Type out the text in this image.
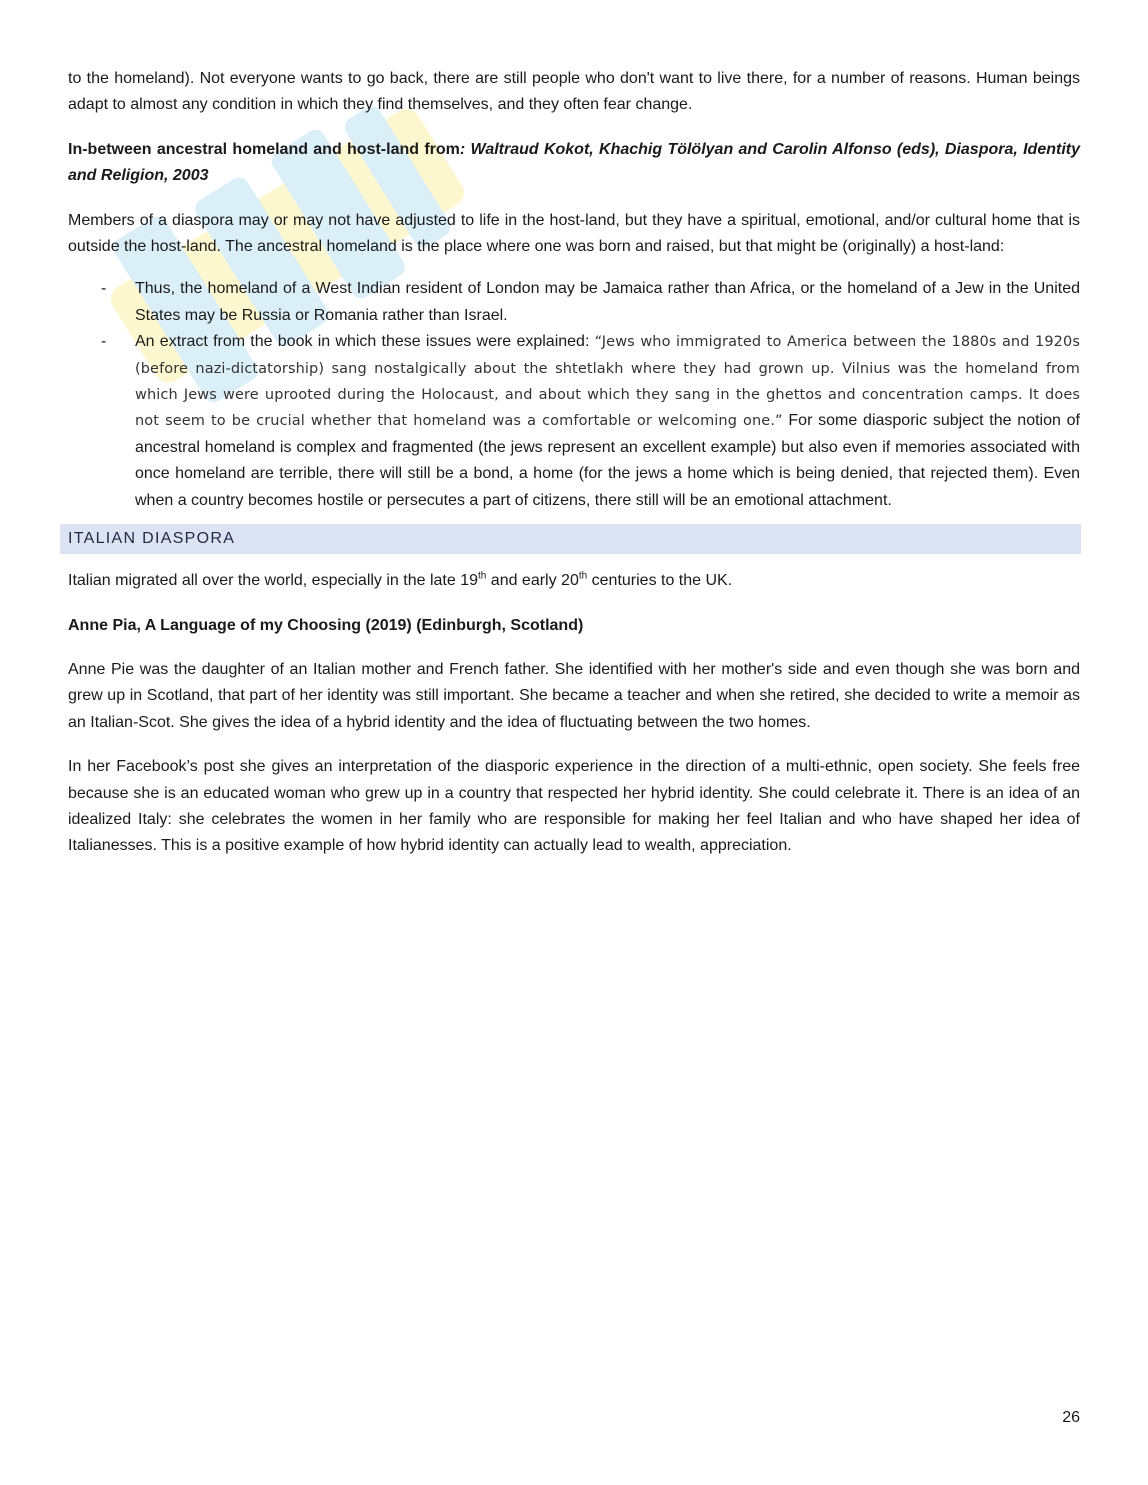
to the homeland). Not everyone wants to go back, there are still people who don't want to live there, for a number of reasons. Human beings adapt to almost any condition in which they find themselves, and they often fear change.

In-between ancestral homeland and host-land from: Waltraud Kokot, Khachig Tölölyan and Carolin Alfonso (eds), Diaspora, Identity and Religion, 2003

Members of a diaspora may or may not have adjusted to life in the host-land, but they have a spiritual, emotional, and/or cultural home that is outside the host-land. The ancestral homeland is the place where one was born and raised, but that might be (originally) a host-land:

- Thus, the homeland of a West Indian resident of London may be Jamaica rather than Africa, or the homeland of a Jew in the United States may be Russia or Romania rather than Israel.
- An extract from the book in which these issues were explained: “Jews who immigrated to America between the 1880s and 1920s (before nazi-dictatorship) sang nostalgically about the shtetlakh where they had grown up. Vilnius was the homeland from which Jews were uprooted during the Holocaust, and about which they sang in the ghettos and concentration camps. It does not seem to be crucial whether that homeland was a comfortable or welcoming one.” For some diasporic subject the notion of ancestral homeland is complex and fragmented (the jews represent an excellent example) but also even if memories associated with once homeland are terrible, there will still be a bond, a home (for the jews a home which is being denied, that rejected them). Even when a country becomes hostile or persecutes a part of citizens, there still will be an emotional attachment.
ITALIAN DIASPORA

Italian migrated all over the world, especially in the late 19th and early 20th centuries to the UK.

Anne Pia, A Language of my Choosing (2019) (Edinburgh, Scotland)

Anne Pie was the daughter of an Italian mother and French father. She identified with her mother's side and even though she was born and grew up in Scotland, that part of her identity was still important. She became a teacher and when she retired, she decided to write a memoir as an Italian-Scot. She gives the idea of a hybrid identity and the idea of fluctuating between the two homes.

In her Facebook’s post she gives an interpretation of the diasporic experience in the direction of a multi-ethnic, open society. She feels free because she is an educated woman who grew up in a country that respected her hybrid identity. She could celebrate it. There is an idea of an idealized Italy: she celebrates the women in her family who are responsible for making her feel Italian and who have shaped her idea of Italianesses. This is a positive example of how hybrid identity can actually lead to wealth, appreciation.

26
